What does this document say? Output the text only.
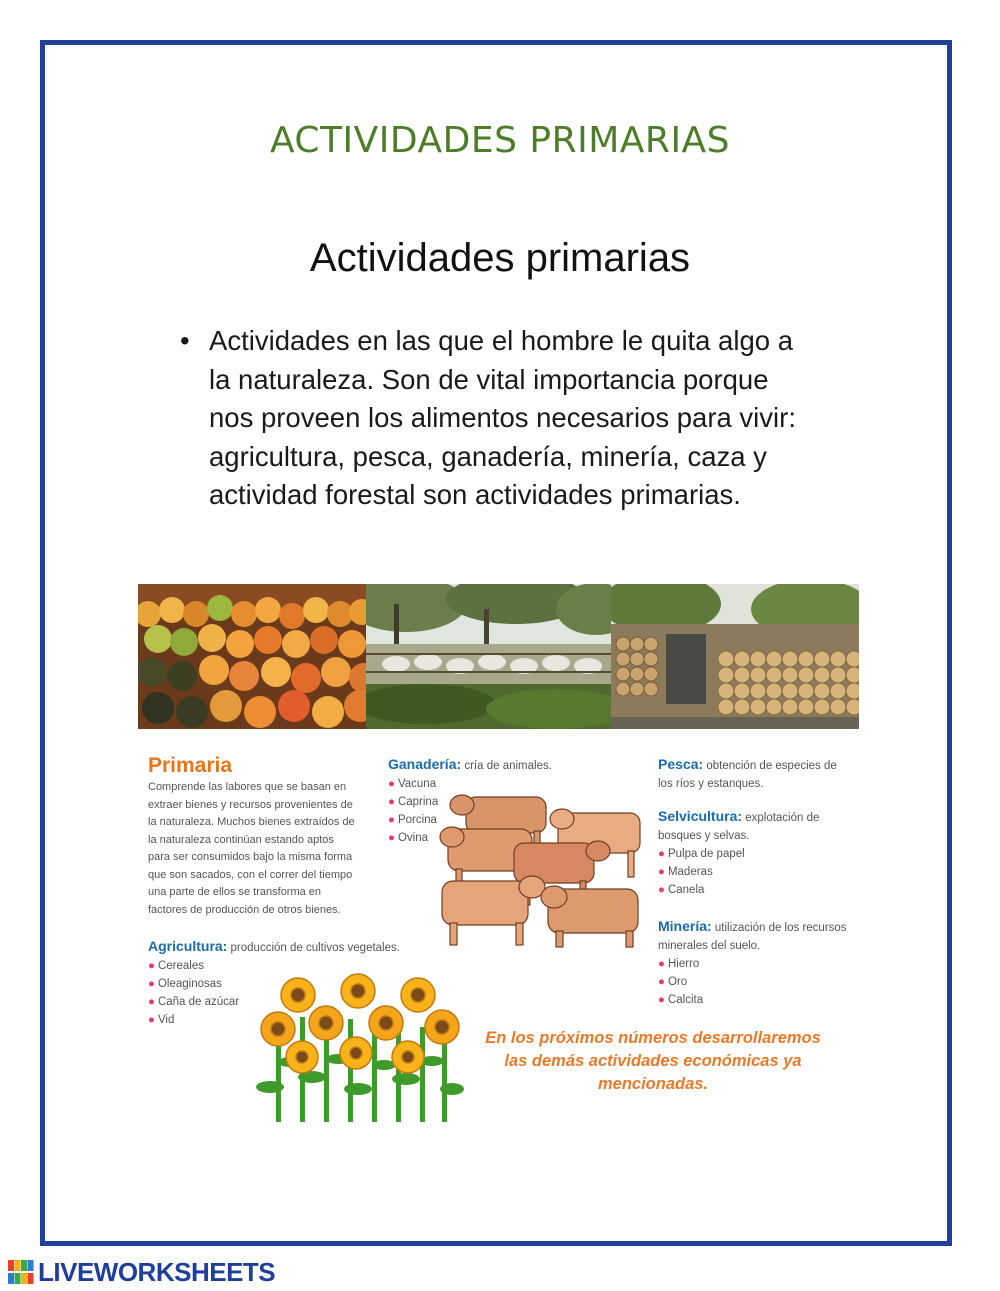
ACTIVIDADES PRIMARIAS
Actividades primarias
• Actividades en las que el hombre le quita algo a la naturaleza. Son de vital importancia porque nos proveen los alimentos necesarios para vivir: agricultura, pesca, ganadería, minería, caza y actividad forestal son actividades primarias.
Primaria
Comprende las labores que se basan en extraer bienes y recursos provenientes de la naturaleza. Muchos bienes extraídos de la naturaleza continúan estando aptos para ser consumidos bajo la misma forma que son sacados, con el correr del tiempo una parte de ellos se transforma en factores de producción de otros bienes.
Agricultura: producción de cultivos vegetales.
● Cereales
● Oleaginosas
● Caña de azúcar
● Vid
Ganadería: cría de animales.
● Vacuna
● Caprina
● Porcina
● Ovina
Pesca: obtención de especies de los ríos y estanques.
Selvicultura: explotación de bosques y selvas.
● Pulpa de papel
● Maderas
● Canela
Minería: utilización de los recursos minerales del suelo.
● Hierro
● Oro
● Calcita
En los próximos números desarrollaremos las demás actividades económicas ya mencionadas.
LIVEWORKSHEETS
